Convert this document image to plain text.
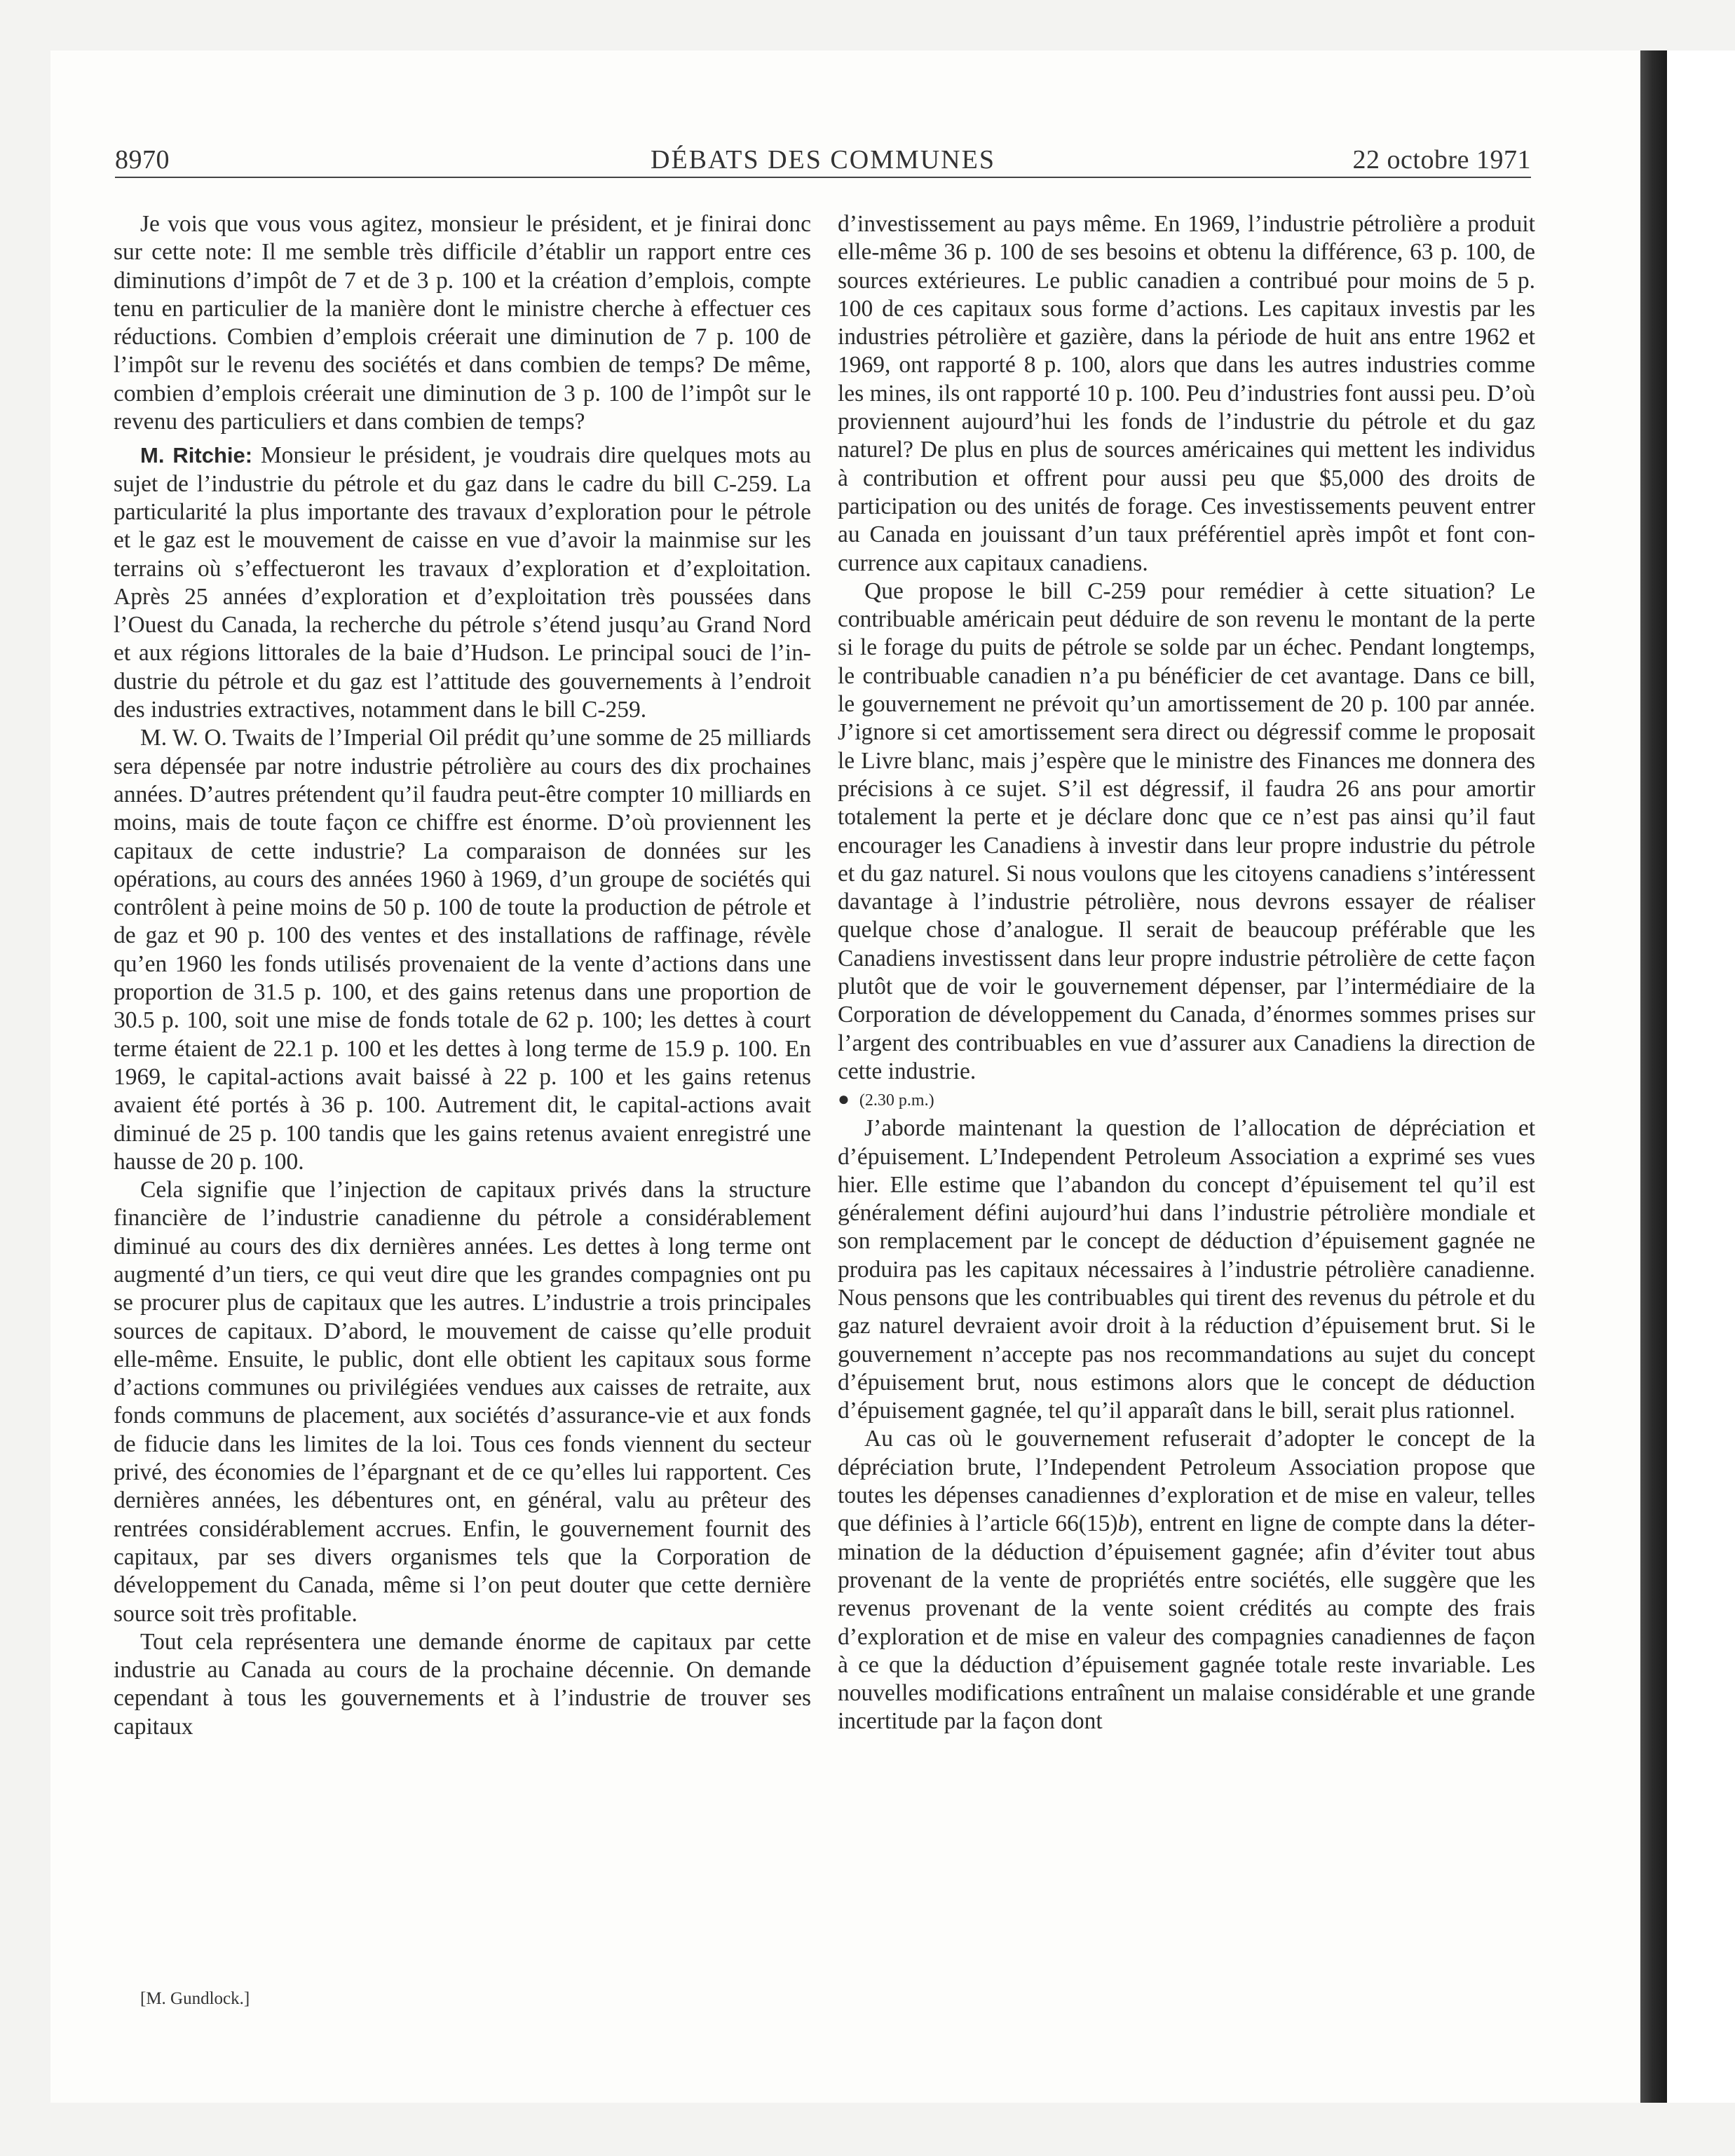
8970	DÉBATS DES COMMUNES	22 octobre 1971

Je vois que vous vous agitez, monsieur le président, et je finirai donc sur cette note: Il me semble très difficile d’établir un rapport entre ces diminutions d’impôt de 7 et de 3 p. 100 et la création d’emplois, compte tenu en particulier de la manière dont le ministre cherche à effectuer ces réductions. Combien d’emplois créerait une diminution de 7 p. 100 de l’impôt sur le revenu des sociétés et dans combien de temps? De même, combien d’emplois créerait une diminution de 3 p. 100 de l’impôt sur le revenu des particuliers et dans combien de temps?

M. Ritchie: Monsieur le président, je voudrais dire quelques mots au sujet de l’industrie du pétrole et du gaz dans le cadre du bill C-259. La particularité la plus importante des travaux d’exploration pour le pétrole et le gaz est le mouvement de caisse en vue d’avoir la mainmise sur les terrains où s’effectueront les travaux d’exploration et d’exploitation. Après 25 années d’exploration et d’exploitation très poussées dans l’Ouest du Canada, la recherche du pétrole s’étend jusqu’au Grand Nord et aux régions littorales de la baie d’Hudson. Le principal souci de l’industrie du pétrole et du gaz est l’attitude des gouvernements à l’endroit des industries extractives, notamment dans le bill C-259.

M. W. O. Twaits de l’Imperial Oil prédit qu’une somme de 25 milliards sera dépensée par notre industrie pétrolière au cours des dix prochaines années. D’autres prétendent qu’il faudra peut-être compter 10 milliards en moins, mais de toute façon ce chiffre est énorme. D’où proviennent les capitaux de cette industrie? La comparaison de données sur les opérations, au cours des années 1960 à 1969, d’un groupe de sociétés qui contrôlent à peine moins de 50 p. 100 de toute la production de pétrole et de gaz et 90 p. 100 des ventes et des installations de raffinage, révèle qu’en 1960 les fonds utilisés provenaient de la vente d’actions dans une proportion de 31.5 p. 100, et des gains retenus dans une proportion de 30.5 p. 100, soit une mise de fonds totale de 62 p. 100; les dettes à court terme étaient de 22.1 p. 100 et les dettes à long terme de 15.9 p. 100. En 1969, le capital-actions avait baissé à 22 p. 100 et les gains retenus avaient été portés à 36 p. 100. Autrement dit, le capital-actions avait diminué de 25 p. 100 tandis que les gains retenus avaient enregistré une hausse de 20 p. 100.

Cela signifie que l’injection de capitaux privés dans la structure financière de l’industrie canadienne du pétrole a considérablement diminué au cours des dix dernières années. Les dettes à long terme ont augmenté d’un tiers, ce qui veut dire que les grandes compagnies ont pu se procurer plus de capitaux que les autres. L’industrie a trois principales sources de capitaux. D’abord, le mouvement de caisse qu’elle produit elle-même. Ensuite, le public, dont elle obtient les capitaux sous forme d’actions communes ou privilégiées vendues aux caisses de retraite, aux fonds communs de placement, aux sociétés d’assurance-vie et aux fonds de fiducie dans les limites de la loi. Tous ces fonds viennent du secteur privé, des économies de l’épargnant et de ce qu’elles lui rapportent. Ces dernières années, les débentures ont, en général, valu au prêteur des rentrées considérablement accrues. Enfin, le gouvernement fournit des capitaux, par ses divers organismes tels que la Corporation de développement du Canada, même si l’on peut douter que cette dernière source soit très profitable.

Tout cela représentera une demande énorme de capitaux par cette industrie au Canada au cours de la prochaine décennie. On demande cependant à tous les gouvernements et à l’industrie de trouver ses capitaux

[M. Gundlock.]

d’investissement au pays même. En 1969, l’industrie pétrolière a produit elle-même 36 p. 100 de ses besoins et obtenu la différence, 63 p. 100, de sources extérieures. Le public canadien a contribué pour moins de 5 p. 100 de ces capitaux sous forme d’actions. Les capitaux investis par les industries pétrolière et gazière, dans la période de huit ans entre 1962 et 1969, ont rapporté 8 p. 100, alors que dans les autres industries comme les mines, ils ont rapporté 10 p. 100. Peu d’industries font aussi peu. D’où proviennent aujourd’hui les fonds de l’industrie du pétrole et du gaz naturel? De plus en plus de sources américaines qui mettent les individus à contribution et offrent pour aussi peu que $5,000 des droits de participation ou des unités de forage. Ces investissements peuvent entrer au Canada en jouissant d’un taux préférentiel après impôt et font concurrence aux capitaux canadiens.

Que propose le bill C-259 pour remédier à cette situation? Le contribuable américain peut déduire de son revenu le montant de la perte si le forage du puits de pétrole se solde par un échec. Pendant longtemps, le contribuable canadien n’a pu bénéficier de cet avantage. Dans ce bill, le gouvernement ne prévoit qu’un amortissement de 20 p. 100 par année. J’ignore si cet amortissement sera direct ou dégressif comme le proposait le Livre blanc, mais j’espère que le ministre des Finances me donnera des précisions à ce sujet. S’il est dégressif, il faudra 26 ans pour amortir totalement la perte et je déclare donc que ce n’est pas ainsi qu’il faut encourager les Canadiens à investir dans leur propre industrie du pétrole et du gaz naturel. Si nous voulons que les citoyens canadiens s’intéressent davantage à l’industrie pétrolière, nous devrons essayer de réaliser quelque chose d’analogue. Il serait de beaucoup préférable que les Canadiens investissent dans leur propre industrie pétrolière de cette façon plutôt que de voir le gouvernement dépenser, par l’intermédiaire de la Corporation de développement du Canada, d’énormes sommes prises sur l’argent des contribuables en vue d’assurer aux Canadiens la direction de cette industrie.

● (2.30 p.m.)

J’aborde maintenant la question de l’allocation de dépréciation et d’épuisement. L’Independent Petroleum Association a exprimé ses vues hier. Elle estime que l’abandon du concept d’épuisement tel qu’il est généralement défini aujourd’hui dans l’industrie pétrolière mondiale et son remplacement par le concept de déduction d’épuisement gagnée ne produira pas les capitaux nécessaires à l’industrie pétrolière canadienne. Nous pensons que les contribuables qui tirent des revenus du pétrole et du gaz naturel devraient avoir droit à la réduction d’épuisement brut. Si le gouvernement n’accepte pas nos recommandations au sujet du concept d’épuisement brut, nous estimons alors que le concept de déduction d’épuisement gagnée, tel qu’il apparaît dans le bill, serait plus rationnel.

Au cas où le gouvernement refuserait d’adopter le concept de la dépréciation brute, l’Independent Petroleum Association propose que toutes les dépenses canadiennes d’exploration et de mise en valeur, telles que définies à l’article 66(15)b), entrent en ligne de compte dans la détermination de la déduction d’épuisement gagnée; afin d’éviter tout abus provenant de la vente de propriétés entre sociétés, elle suggère que les revenus provenant de la vente soient crédités au compte des frais d’exploration et de mise en valeur des compagnies canadiennes de façon à ce que la déduction d’épuisement gagnée totale reste invariable. Les nouvelles modifications entraînent un malaise considérable et une grande incertitude par la façon dont
